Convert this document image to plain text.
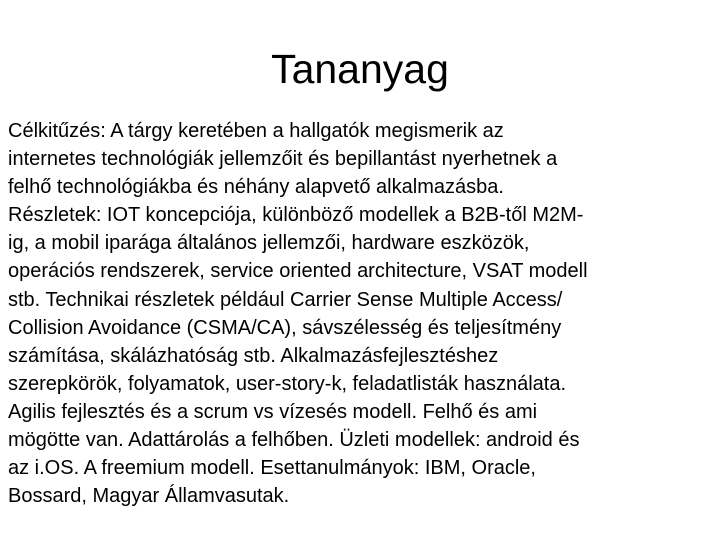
Tananyag
Célkitűzés: A tárgy keretében a hallgatók megismerik az
internetes technológiák jellemzőit és bepillantást nyerhetnek a
felhő technológiákba és néhány alapvető alkalmazásba.
Részletek: IOT koncepciója, különböző modellek a B2B-től M2M-
ig, a mobil iparága általános jellemzői, hardware eszközök,
operációs rendszerek, service oriented architecture, VSAT modell
stb. Technikai részletek például Carrier Sense Multiple Access/
Collision Avoidance (CSMA/CA), sávszélesség és teljesítmény
számítása, skálázhatóság stb. Alkalmazásfejlesztéshez
szerepkörök, folyamatok, user-story-k, feladatlisták használata.
Agilis fejlesztés és a scrum vs vízesés modell. Felhő és ami
mögötte van. Adattárolás a felhőben. Üzleti modellek: android és
az i.OS. A freemium modell. Esettanulmányok: IBM, Oracle,
Bossard, Magyar Államvasutak.
